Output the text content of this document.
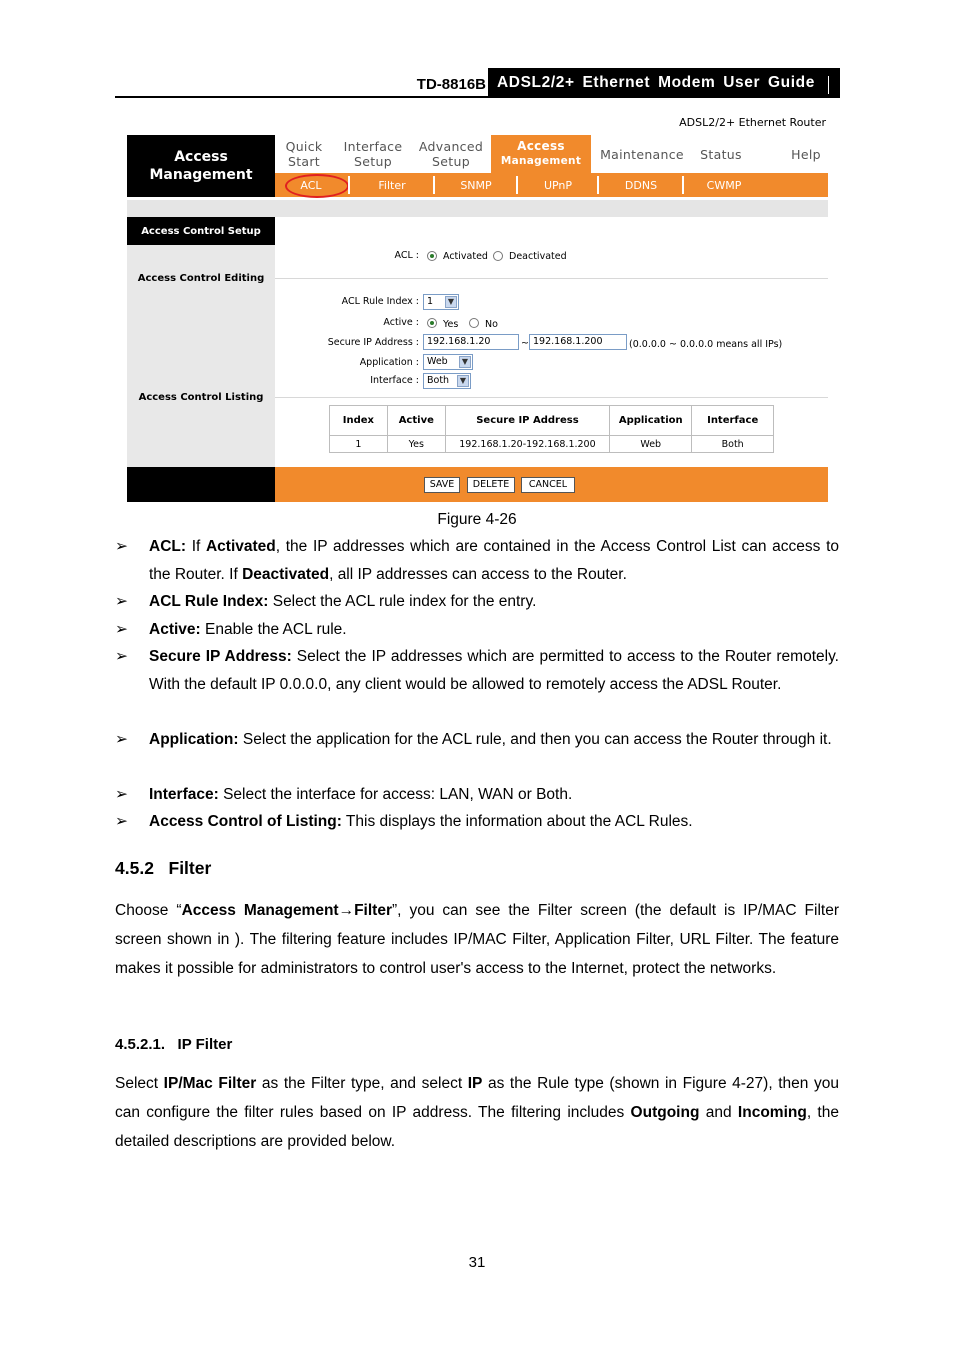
TD-8816B ADSL2/2+ Ethernet Modem User Guide
ADSL2/2+ Ethernet Router
Access
Management
Quick
Start
Interface
Setup
Advanced
Setup
Access
Management Maintenance Status	Help
ACL	Filter	SNMP	UPnP	DDNS	CWMP
Access Control Setup
Access Control Editing
Access Control Listing
ACL :	Activated Deactivated
ACL Rule Index : 1	▼
Active :	Yes	No
Secure IP Address : 192.168.1.20	~ 192.168.1.200	(0.0.0.0 ~ 0.0.0.0 means all IPs)
Application : Web	▼
Interface : Both	▼
Index	Active	Secure IP Address	Application	Interface
1	Yes	192.168.1.20-192.168.1.200	Web	Both
SAVE	DELETE	CANCEL
Figure 4-26
➢ ACL: If Activated, the IP addresses which are contained in the Access Control List can access to the Router. If Deactivated, all IP addresses can access to the Router.
➢ ACL Rule Index: Select the ACL rule index for the entry.
➢ Active: Enable the ACL rule.
➢ Secure IP Address: Select the IP addresses which are permitted to access to the Router remotely. With the default IP 0.0.0.0, any client would be allowed to remotely access the ADSL Router.
➢ Application: Select the application for the ACL rule, and then you can access the Router through it.
➢ Interface: Select the interface for access: LAN, WAN or Both.
➢ Access Control of Listing: This displays the information about the ACL Rules.
4.5.2   Filter
Choose “Access Management→Filter”, you can see the Filter screen (the default is IP/MAC Filter screen shown in ). The filtering feature includes IP/MAC Filter, Application Filter, URL Filter. The feature makes it possible for administrators to control user's access to the Internet, protect the networks.
4.5.2.1.   IP Filter
Select IP/Mac Filter as the Filter type, and select IP as the Rule type (shown in Figure 4-27), then you can configure the filter rules based on IP address. The filtering includes Outgoing and Incoming, the detailed descriptions are provided below.
31
